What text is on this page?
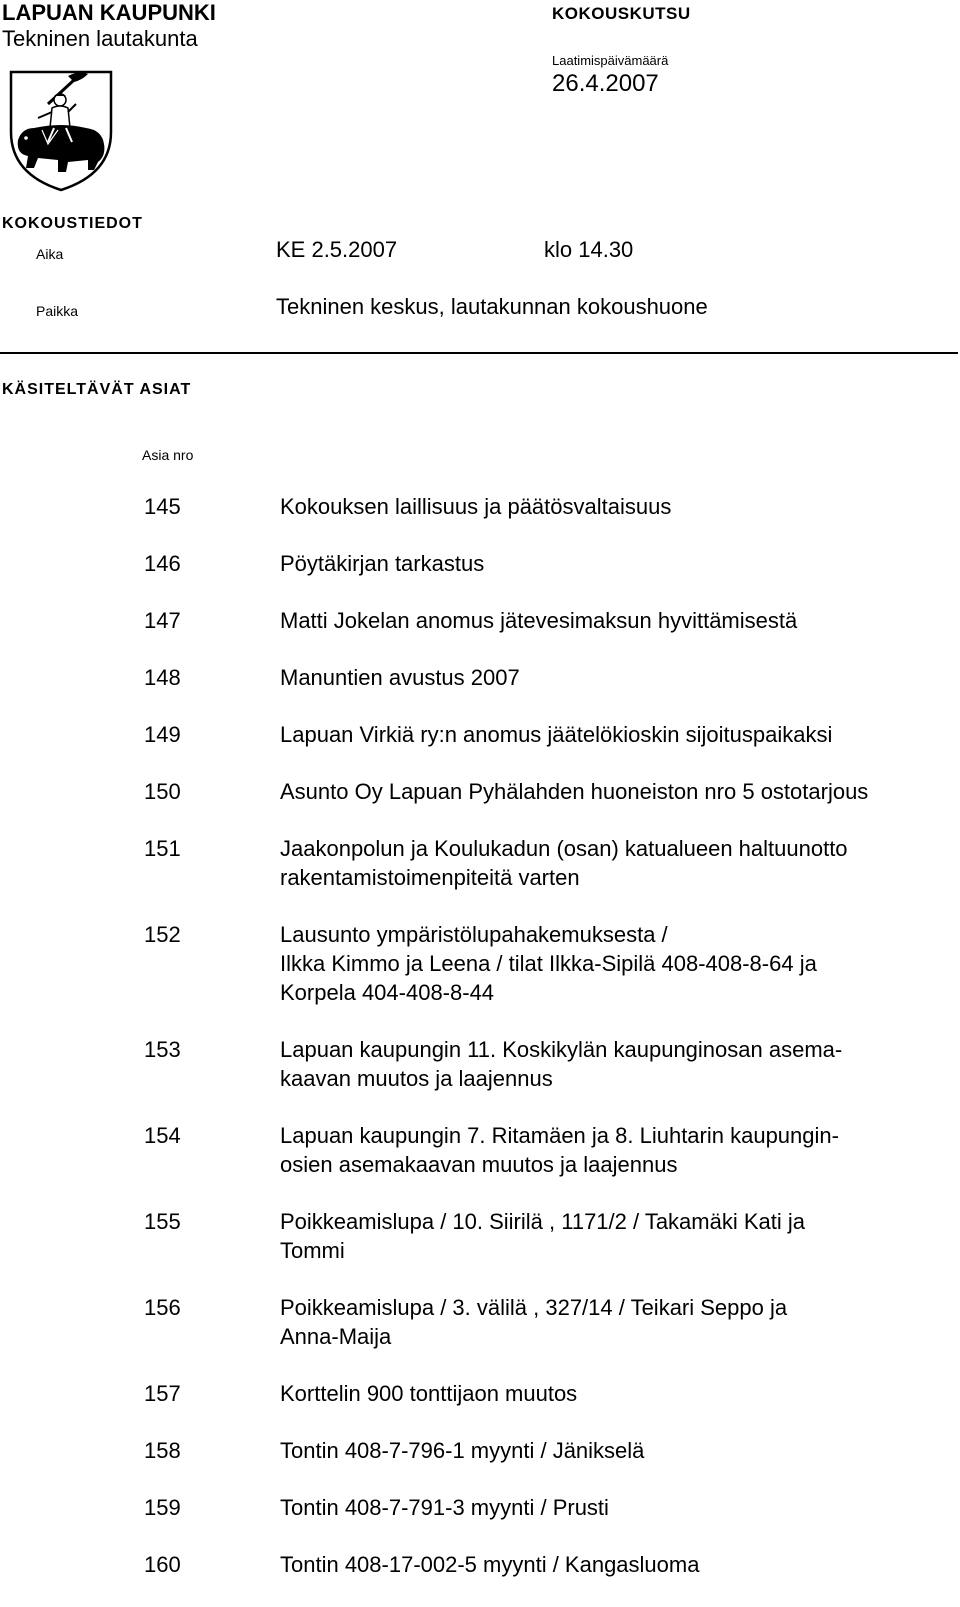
LAPUAN KAUPUNKI
Tekninen lautakunta
KOKOUSKUTSU
Laatimispäivämäärä
26.4.2007
KOKOUSTIEDOT
Aika	KE 2.5.2007	klo 14.30
Paikka	Tekninen keskus, lautakunnan kokoushuone
KÄSITELTÄVÄT ASIAT
Asia nro
145	Kokouksen laillisuus ja päätösvaltaisuus
146	Pöytäkirjan tarkastus
147	Matti Jokelan anomus jätevesimaksun hyvittämisestä
148	Manuntien avustus 2007
149	Lapuan Virkiä ry:n anomus jäätelökioskin sijoituspaikaksi
150	Asunto Oy Lapuan Pyhälahden huoneiston nro 5 ostotarjous
151	Jaakonpolun ja Koulukadun (osan) katualueen haltuunotto
rakentamistoimenpiteitä varten
152	Lausunto ympäristölupahakemuksesta /
Ilkka Kimmo ja Leena / tilat Ilkka-Sipilä 408-408-8-64 ja
Korpela 404-408-8-44
153	Lapuan kaupungin 11. Koskikylän kaupunginosan asema-
kaavan muutos ja laajennus
154	Lapuan kaupungin 7. Ritamäen ja 8. Liuhtarin kaupungin-
osien asemakaavan muutos ja laajennus
155	Poikkeamislupa / 10. Siirilä , 1171/2 / Takamäki Kati ja
Tommi
156	Poikkeamislupa / 3. välilä , 327/14 / Teikari Seppo ja
Anna-Maija
157	Korttelin 900 tonttijaon muutos
158	Tontin 408-7-796-1 myynti / Jänikselä
159	Tontin 408-7-791-3 myynti / Prusti
160	Tontin 408-17-002-5 myynti / Kangasluoma
